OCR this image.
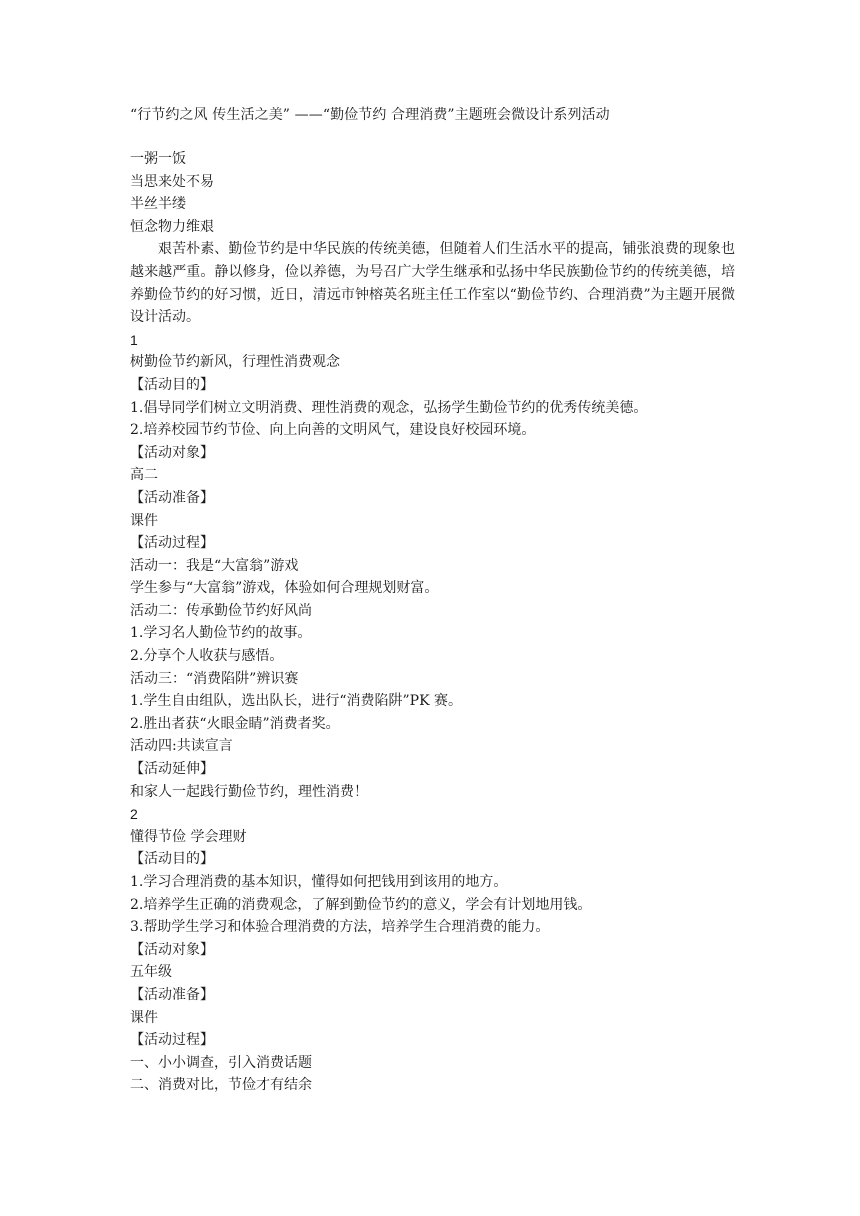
“行节约之风 传生活之美” ——“勤俭节约 合理消费”主题班会微设计系列活动

一粥一饭

当思来处不易

半丝半缕

恒念物力维艰

艰苦朴素、勤俭节约是中华民族的传统美德，但随着人们生活水平的提高，铺张浪费的现象也越来越严重。静以修身，俭以养德，为号召广大学生继承和弘扬中华民族勤俭节约的传统美德，培养勤俭节约的好习惯，近日，清远市钟榕英名班主任工作室以“勤俭节约、合理消费”为主题开展微设计活动。

1

树勤俭节约新风，行理性消费观念

【活动目的】

1.倡导同学们树立文明消费、理性消费的观念，弘扬学生勤俭节约的优秀传统美德。

2.培养校园节约节俭、向上向善的文明风气，建设良好校园环境。

【活动对象】

高二

【活动准备】

课件

【活动过程】

活动一：我是“大富翁”游戏

学生参与“大富翁”游戏，体验如何合理规划财富。

活动二：传承勤俭节约好风尚

1.学习名人勤俭节约的故事。

2.分享个人收获与感悟。

活动三：“消费陷阱”辨识赛

1.学生自由组队，选出队长，进行“消费陷阱”PK 赛。

2.胜出者获“火眼金睛”消费者奖。

活动四:共读宣言

【活动延伸】

和家人一起践行勤俭节约，理性消费！

2

懂得节俭 学会理财

【活动目的】

1.学习合理消费的基本知识，懂得如何把钱用到该用的地方。

2.培养学生正确的消费观念，了解到勤俭节约的意义，学会有计划地用钱。

3.帮助学生学习和体验合理消费的方法，培养学生合理消费的能力。

【活动对象】

五年级

【活动准备】

课件

【活动过程】

一、小小调查，引入消费话题

二、消费对比，节俭才有结余
